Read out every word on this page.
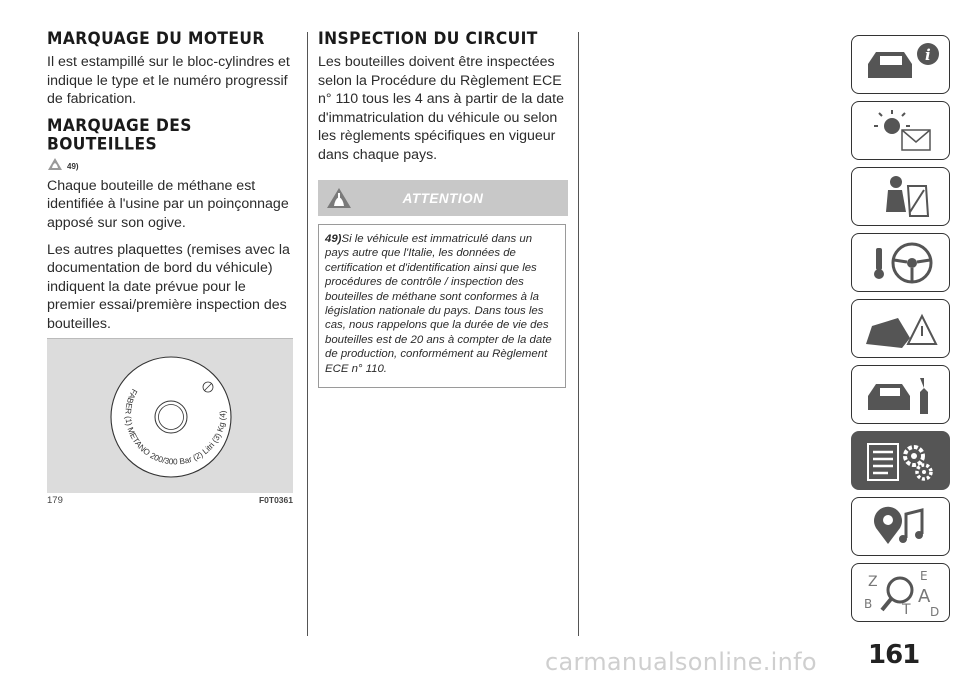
MARQUAGE DU MOTEUR

Il est estampillé sur le bloc-cylindres et indique le type et le numéro progressif de fabrication.

MARQUAGE DES BOUTEILLES
49)

Chaque bouteille de méthane est identifiée à l'usine par un poinçonnage apposé sur son ogive.

Les autres plaquettes (remises avec la documentation de bord du véhicule) indiquent la date prévue pour le premier essai/première inspection des bouteilles.

FABER (1) METANO 200/300 Bar (2) Litri (3) Kg (4)
179	F0T0361
INSPECTION DU CIRCUIT

Les bouteilles doivent être inspectées selon la Procédure du Règlement ECE n° 110 tous les 4 ans à partir de la date d'immatriculation du véhicule ou selon les règlements spécifiques en vigueur dans chaque pays.

ATTENTION

49)Si le véhicule est immatriculé dans un pays autre que l'Italie, les données de certification et d'identification ainsi que les procédures de contrôle / inspection des bouteilles de méthane sont conformes à la législation nationale du pays. Dans tous les cas, nous rappelons que la durée de vie des bouteilles est de 20 ans à compter de la date de production, conformément au Règlement ECE n° 110.

i
Z
B
E
A
D
T
161
carmanualsonline.info
